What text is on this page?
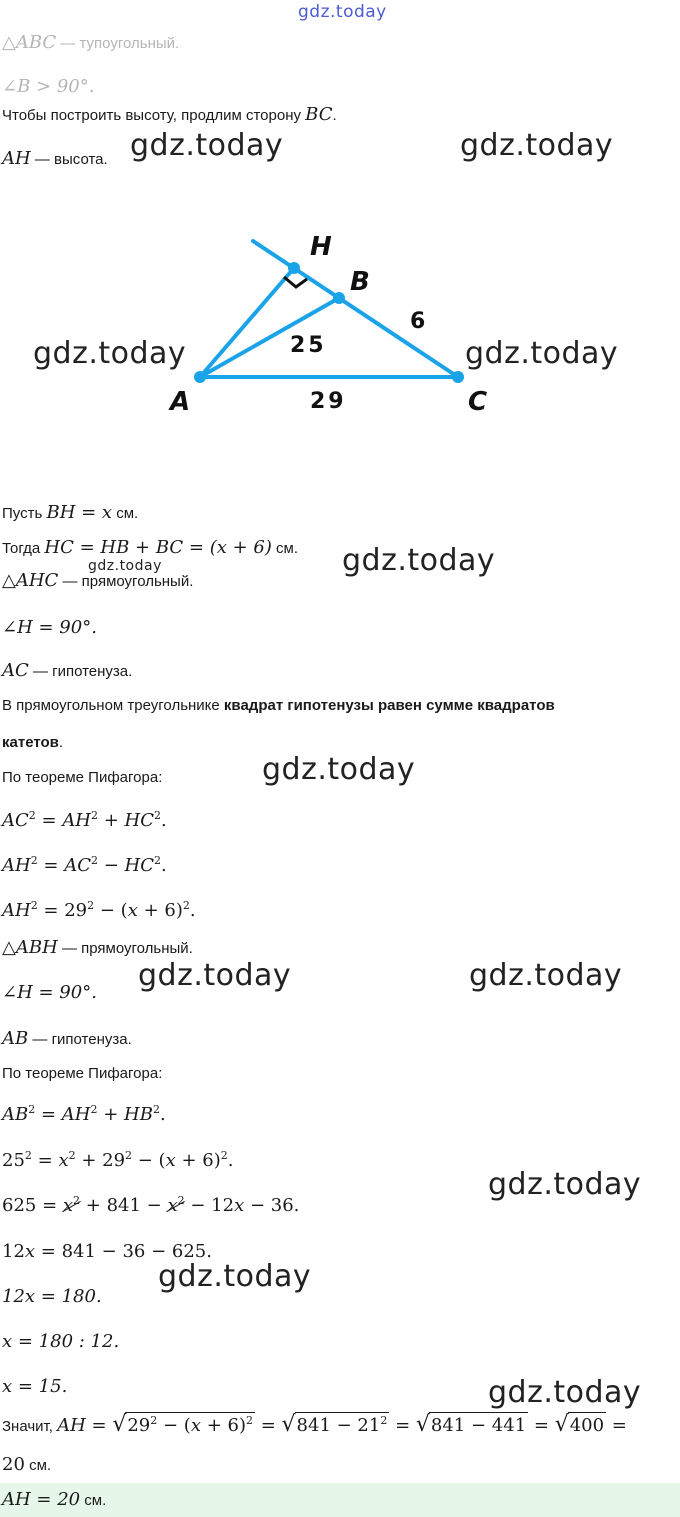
gdz.today
△ABC — тупоугольный.
∠B > 90°.
Чтобы построить высоту, продлим сторону BC.
AH — высота. gdz.today	gdz.today
H
B
A	C
6
25
29
gdz.today	gdz.today
Пусть BH = x см.
Тогда HC = HB + BC = (x + 6) см.
gdz.today	gdz.today
△AHC — прямоугольный.
∠H = 90°.
AC — гипотенуза.
В прямоугольном треугольнике квадрат гипотенузы равен сумме квадратов
катетов.
По теореме Пифагора:	gdz.today
$AC^2 = AH^2 + HC^2$.
$AH^2 = AC^2 - HC^2$.
$AH^2 = 29^2 - (x + 6)^2$.
△ABH — прямоугольный.
∠H = 90°. gdz.today	gdz.today
AB — гипотенуза.
По теореме Пифагора:
$AB^2 = AH^2 + HB^2$.
$25^2 = x^2 + 29^2 - (x + 6)^2$.
$625 = x^2 + 841 - x^2 - 12x - 36$.
gdz.today
12x = 841 − 36 − 625.
gdz.today
12x = 180.
x = 180 : 12.
x = 15.	gdz.today
Значит, AH = $√29^2 - (x + 6)^2 = √841 - 21^2 = √841 - 441 = √400$ =
20 см.
AH = 20 см.
